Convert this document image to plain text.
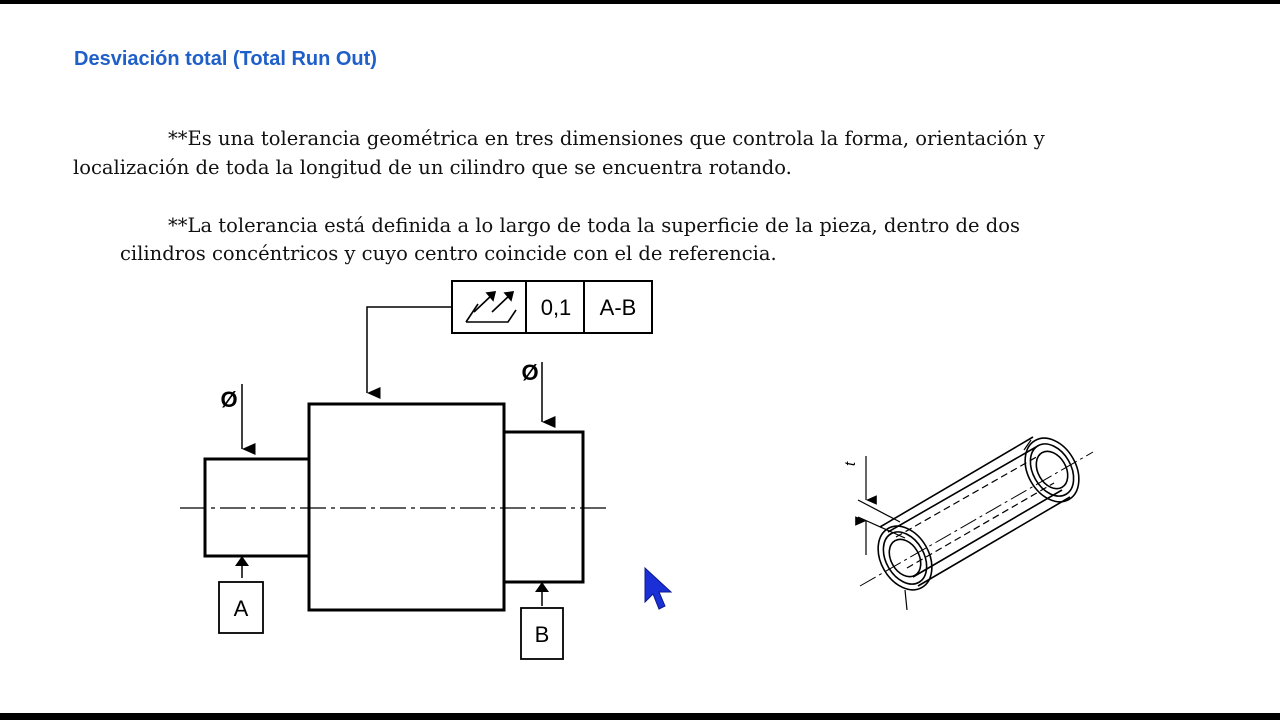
Desviación total (Total Run Out)
**Es una tolerancia geométrica en tres dimensiones que controla la forma, orientación y
localización de toda la longitud de un cilindro que se encuentra rotando.
**La tolerancia está definida a lo largo de toda la superficie de la pieza, dentro de dos
cilindros concéntricos y cuyo centro coincide con el de referencia.
0,1 A-B
Ø
Ø
A
B
t
